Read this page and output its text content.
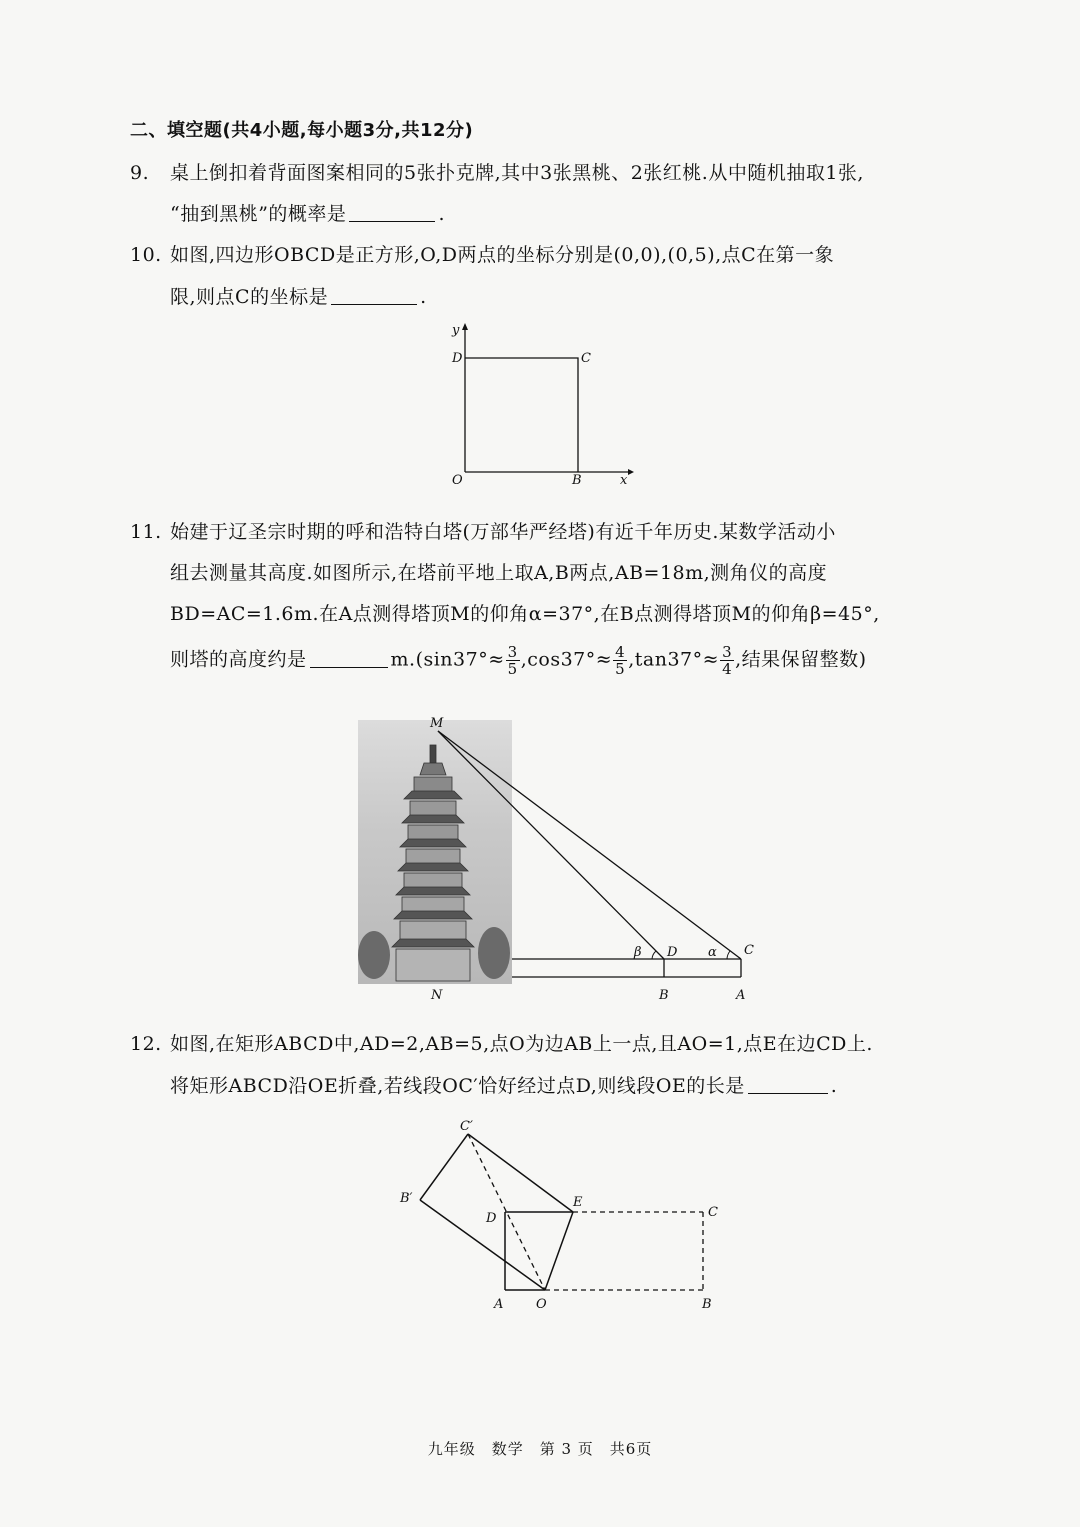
二、填空题(共4小题,每小题3分,共12分)
9. 桌上倒扣着背面图案相同的5张扑克牌,其中3张黑桃、2张红桃.从中随机抽取1张,
“抽到黑桃”的概率是	.
10. 如图,四边形OBCD是正方形,O,D两点的坐标分别是(0,0),(0,5),点C在第一象
限,则点C的坐标是	.
y
D	C
O	B	x
11. 始建于辽圣宗时期的呼和浩特白塔(万部华严经塔)有近千年历史.某数学活动小
组去测量其高度.如图所示,在塔前平地上取A,B两点,AB=18m,测角仪的高度
BD=AC=1.6m.在A点测得塔顶M的仰角α=37°,在B点测得塔顶M的仰角β=45°,
则塔的高度约是	$m.(\sin 37^\circ\approx \frac{3}{5} ,\cos 37^\circ\approx \frac{4}{5} ,\tan 37^\circ\approx \frac{3}{4}$ ,结果保留整数)
M
β D α C
N	B	A
12. 如图,在矩形ABCD中,AD=2,AB=5,点O为边AB上一点,且AO=1,点E在边CD上.
将矩形ABCD沿OE折叠,若线段OC′恰好经过点D,则线段OE的长是	.
C′
B′
D
E
C
A	O	B
九年级　数学　第 3 页　共6页
